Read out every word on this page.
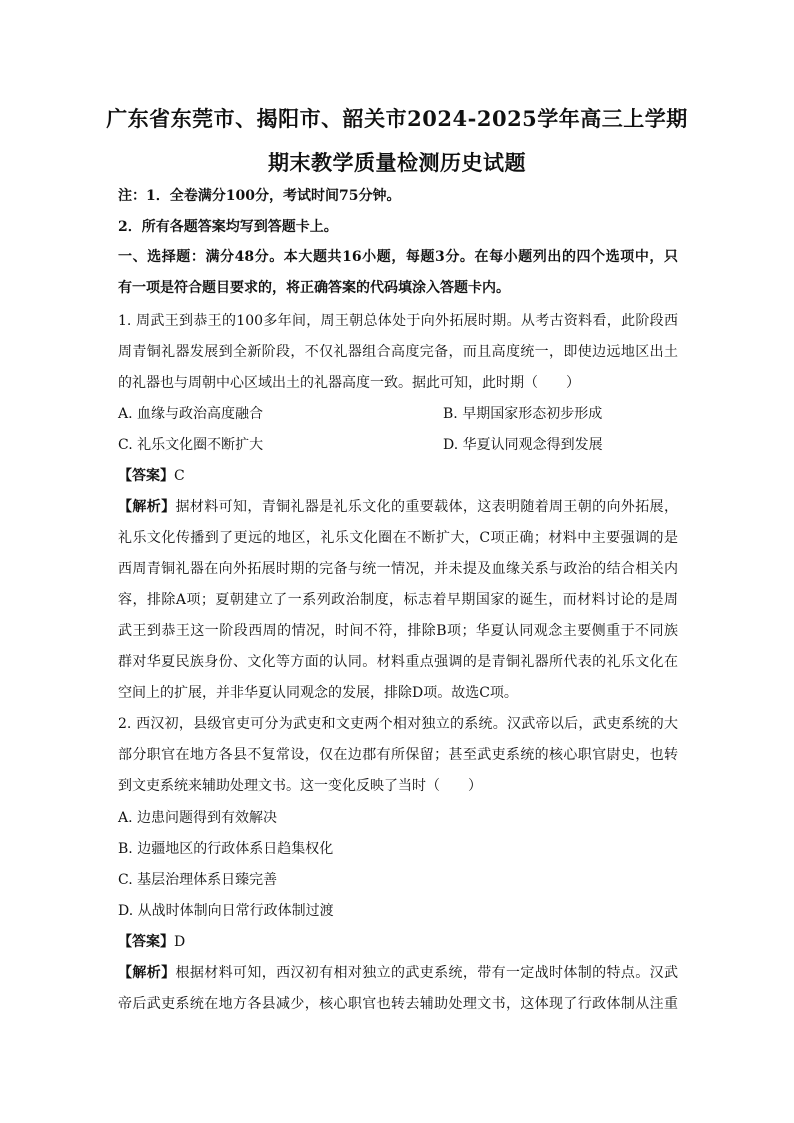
广东省东莞市、揭阳市、韶关市2024-2025学年高三上学期
期末教学质量检测历史试题
注：1．全卷满分100分，考试时间75分钟。
2．所有各题答案均写到答题卡上。
一、选择题：满分48分。本大题共16小题，每题3分。在每小题列出的四个选项中，只
有一项是符合题目要求的，将正确答案的代码填涂入答题卡内。
1. 周武王到恭王的100多年间，周王朝总体处于向外拓展时期。从考古资料看，此阶段西
周青铜礼器发展到全新阶段，不仅礼器组合高度完备，而且高度统一，即使边远地区出土
的礼器也与周朝中心区域出土的礼器高度一致。据此可知，此时期（　　）
A. 血缘与政治高度融合	B. 早期国家形态初步形成
C. 礼乐文化圈不断扩大	D. 华夏认同观念得到发展
【答案】C
【解析】据材料可知，青铜礼器是礼乐文化的重要载体，这表明随着周王朝的向外拓展，
礼乐文化传播到了更远的地区，礼乐文化圈在不断扩大，C项正确；材料中主要强调的是
西周青铜礼器在向外拓展时期的完备与统一情况，并未提及血缘关系与政治的结合相关内
容，排除A项；夏朝建立了一系列政治制度，标志着早期国家的诞生，而材料讨论的是周
武王到恭王这一阶段西周的情况，时间不符，排除B项；华夏认同观念主要侧重于不同族
群对华夏民族身份、文化等方面的认同。材料重点强调的是青铜礼器所代表的礼乐文化在
空间上的扩展，并非华夏认同观念的发展，排除D项。故选C项。
2. 西汉初，县级官吏可分为武吏和文吏两个相对独立的系统。汉武帝以后，武吏系统的大
部分职官在地方各县不复常设，仅在边郡有所保留；甚至武吏系统的核心职官尉史，也转
到文吏系统来辅助处理文书。这一变化反映了当时（　　）
A. 边患问题得到有效解决
B. 边疆地区的行政体系日趋集权化
C. 基层治理体系日臻完善
D. 从战时体制向日常行政体制过渡
【答案】D
【解析】根据材料可知，西汉初有相对独立的武吏系统，带有一定战时体制的特点。汉武
帝后武吏系统在地方各县减少，核心职官也转去辅助处理文书，这体现了行政体制从注重
